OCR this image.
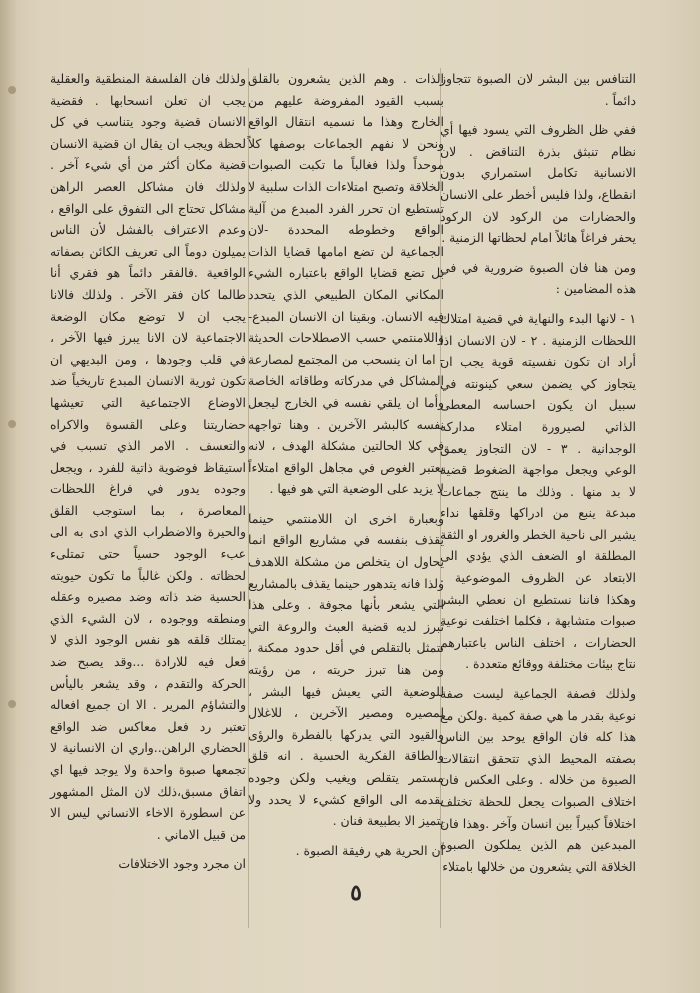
التنافس بين البشر لان الصبوة تتجاوز دائماً .

ففي ظل الظروف التي يسود فيها أي نظام تنبثق بذرة التناقض . لان الانسانية تكامل استمراري بدون انقطاع، ولذا فليس أخطر على الانسان والحضارات من الركود لان الركود يحفر فراغاً هائلاً امام لحظاتها الزمنية .

ومن هنا فان الصبوة ضرورية في في هذه المضامين :

١ - لانها البدء والنهاية في قضية امتلاك اللحظات الزمنية . ٢ - لان الانسان اذا أراد ان تكون نفسيته قوية يجب ان يتجاوز كي يضمن سعي كينونته في سبيل ان يكون احساسه المعطى الذاتي لصيرورة امتلاء مداركه الوجدانية . ٣ - لان التجاوز يعمق الوعي ويجعل مواجهة الضغوط قضية لا بد منها . وذلك ما ينتج جماعات مبدعة ينبع من ادراكها وقلقها نداء يشير الى ناحية الخطر والغرور او الثقة المطلقة او الضعف الذي يؤدي الى الابتعاد عن الظروف الموضوعية . وهكذا فاننا نستطيع ان نعطي البشر صبوات متشابهة ، فكلما اختلفت نوعية الحضارات ، اختلف الناس باعتبارهم نتاج بيئات مختلفة ووقائع متعددة .

ولذلك فصفة الجماعية ليست صفة نوعية بقدر ما هي صفة كمية .ولكن مع هذا كله فان الواقع يوحد بين الناس بصفته المحيط الذي تتحقق انتقالات الصبوة من خلاله . وعلى العكس فان اختلاف الصبوات يجعل للحظة تختلف اختلافاً كبيراً بين انسان وآخر .وهذا فان المبدعين هم الذين يملكون الصبوة الخلاقة التي يشعرون من خلالها بامتلاء

الذات . وهم الذين يشعرون بالقلق بسبب القيود المفروضة عليهم من الخارج وهذا ما نسميه انتقال الواقع ونحن لا نفهم الجماعات بوصفها كلاً موحداً ولذا فغالباً ما تكبت الصبوات الخلاقة وتصبح امتلاءات الذات سلبية لا تستطيع ان تحرر الفرد المبدع من آلية الواقع وخطوطه المحددة -لان الجماعية لن تضع امامها قضايا الذات بل تضع قضايا الواقع باعتباره الشيء المكاني المكان الطبيعي الذي يتحدد فيه الانسان. وبقينا ان الانسان المبدع-واللامنتمي حسب الاصطلاحات الحديثة - اما ان ينسحب من المجتمع لمصارعة المشاكل في مدركاته وطاقاته الخاصة وأما ان يلقي نفسه في الخارج ليجعل نفسه كالبشر الآخرين . وهنا تواجهه في كلا الحالتين مشكلة الهدف ، لانه يعتبر الغوص في مجاهل الواقع امتلاءاً لا يزيد على الوضعية التي هو فيها .

وبعبارة اخرى ان اللامنتمي حينما يقذف بنفسه في مشاريع الواقع انما يحاول ان يتخلص من مشكلة اللاهدف ولذا فانه يتدهور حينما يقذف بالمشاريع التي يشعر بأنها مجوفة . وعلى هذا تبرز لديه قضية العبث والروعة التي تتمثل بالتقلص في أقل حدود ممكنة ، ومن هنا تبرز حريته ، من رؤيته للوضعية التي يعيش فيها البشر ، لمصيره ومصير الآخرين ، للاغلال والقيود التي يدركها بالفطرة والرؤى والطاقة الفكرية الحسية . انه قلق مستمر يتقلص ويغيب ولكن وجوده يقدمه الى الواقع كشيء لا يحدد ولا يتميز الا بطبيعة فنان .

ان الحرية هي رفيقة الصبوة .

ولذلك فان الفلسفة المنطقية والعقلية يجب ان تعلن انسحابها . فقضية الانسان قضية وجود يتناسب في كل لحظة ويجب ان يقال ان قضية الانسان قضية مكان أكثر من أي شيء آخر . ولذلك فان مشاكل العصر الراهن مشاكل تحتاج الى التفوق على الواقع ، وعدم الاعتراف بالفشل لأن الناس يميلون دوماً الى تعريف الكائن بصفاته الواقعية .فالفقر دائماً هو فقري أنا طالما كان فقر الآخر . ولذلك فالانا يجب ان لا توضع مكان الوضعة الاجتماعية لان الانا يبرز فيها الآخر ، في قلب وجودها ، ومن البديهي ان تكون ثورية الانسان المبدع تاريخياً ضد الاوضاع الاجتماعية التي تعيشها حضاريتنا وعلى القسوة والاكراه والتعسف . الامر الذي تسبب في استيقاظ فوضوية ذاتية للفرد ، ويجعل وجوده يدور في فراغ اللحظات المعاصرة ، بما استوجب القلق والحيرة والاضطراب الذي ادى به الى عبء الوجود حسياً حتى تمتلىء لحظاته . ولكن غالباً ما تكون حيويته الحسية ضد ذاته وضد مصيره وعقله ومنطقه ووجوده ، لان الشيء الذي يمتلك قلقه هو نفس الوجود الذي لا فعل فيه للارادة ...وقد يصبح ضد الحركة والتقدم ، وقد يشعر باليأس والتشاؤم المرير . الا ان جميع افعاله تعتبر رد فعل معاكس ضد الواقع الحضاري الراهن..واري ان الانسانية لا تجمعها صبوة واحدة ولا يوجد فيها اي اتفاق مسبق،ذلك لان المثل المشهور عن اسطورة الاخاء الانساني ليس الا من قبيل الاماني .

ان مجرد وجود الاختلافات

٥
